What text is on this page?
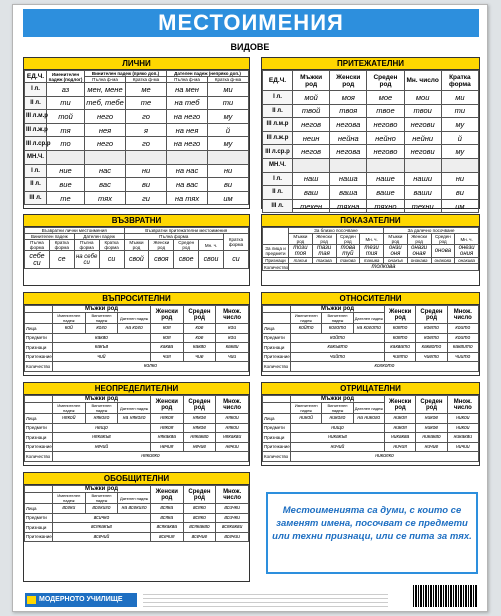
МЕСТОИМЕНИЯ
ВИДОВЕ
ЛИЧНИ
ЕД.Ч.	Именителен падеж (подлог)	Винителен падеж (пряко доп.)		Дателен падеж (непряко доп.)	
		Пълна ф-ма	Кратка ф-ма	Пълна ф-ма	Кратка ф-ма
I л.	аз	мен, мене	ме	на мен	ми
II л.	ти	теб, тебе	те	на теб	ти
III л.м.р	той	него	го	на него	му
III л.ж.р	тя	нея	я	на нея	й
III л.ср.р	то	него	го	на него	му
МН.Ч.					
I л.	ние	нас	ни	на нас	ни
II л.	вие	вас	ви	на вас	ви
III л.	те	тях	ги	на тях	им
ПРИТЕЖАТЕЛНИ
ЕД.Ч.	Мъжки род	Женски род	Среден род	Мн. число	Кратка форма
I л.	мой	моя	мое	мои	ми
II л.	твой	твоя	твое	твои	ти
III л.м.р	негов	негова	негово	негови	му
III л.ж.р	неин	нейна	нейно	нейни	й
III л.ср.р	негов	негова	негово	негови	му
МН.Ч.					
I л.	наш	наша	наше	наши	ни
II л.	ваш	ваша	ваше	ваши	ви
III л.	техен	тяхна	тяхно	техни	им
ВЪЗВРАТНИ
Възвратни лични местоимения				Възвратни притежателни местоимения				
Винителен падеж		Дателен падеж		Пълна форма				Кратка форма
Пълна форма	Кратка форма	Пълна форма	Кратка форма	Мъжки род	Женски род	Среден род	Мн. ч.	
себе си	се	на себе си	си	свой	своя	свое	свои	си
ПОКАЗАТЕЛНИ
	За близко посочване				За далечно посочване			
	Мъжки род	Женски род	Среден род	Мн. ч.	Мъжки род	Женски род	Среден род	Мн. ч.
За лица и предмети	този тоя	тази тая	това туй	тези тия	онзи оня	онази оная	онова	онези ония
Признаци	такъв	такава	такова	такива	онакъв	онакава	онакова	онакива
Количество	толкова							
ВЪПРОСИТЕЛНИ
	Мъжки род			Женски род	Среден род	Множ. число
	Именителен падеж	Винителен падеж	Дателен падеж			
Лица	кой	кого	на кого	коя	кое	кои
Предмети	какво			коя	кое	кои
Признаци	какъв			каква	какво	какви
Притежание	чий			чия	чие	чии
Количество	колко					
ОТНОСИТЕЛНИ
	Мъжки род			Женски род	Среден род	Множ. число
	Именителен падеж	Винителен падеж	Дателен падеж			
Лица	който	когото	на когото	която	което	които
Предмети	който			която	което	които
Признаци	какъвто			каквато	каквото	каквито
Притежание	чийто			чиято	чието	чиито
Количество	колкото					
НЕОПРЕДЕЛИТЕЛНИ
	Мъжки род			Женски род	Среден род	Множ. число
	Именителен падеж	Винителен падеж	Дателен падеж			
Лица	някой	някого	на някого	някоя	някое	някои
Предмети	нещо			някоя	някое	някои
Признаци	някакъв			някаква	някакво	някакви
Притежание	нечий			нечия	нечие	нечии
Количество	няколко					
ОТРИЦАТЕЛНИ
	Мъжки род			Женски род	Среден род	Множ. число
	Именителен падеж	Винителен падеж	Дателен падеж			
Лица	никой	никого	на никого	никоя	никое	никои
Предмети	нищо			никоя	никое	никои
Признаци	никакъв			никаква	никакво	никакви
Притежание	ничий			ничия	ничие	ничии
Количество	николко					
ОБОБЩИТЕЛНИ
	Мъжки род			Женски род	Среден род	Множ. число
	Именителен падеж	Винителен падеж	Дателен падеж			
Лица	всеки	всекиго	на всекиго	всяка	всяко	всички
Предмети	всичко			всяка	всяко	всички
Признаци	всякакъв			всякаква	всякакво	всякакви
Притежание	всечий			всечия	всечие	всечии
Местоименията са думи, с които се заменят имена, посочват се предмети или техни признаци, или се пита за тях.
МОДЕРНОТО УЧИЛИЩЕ
